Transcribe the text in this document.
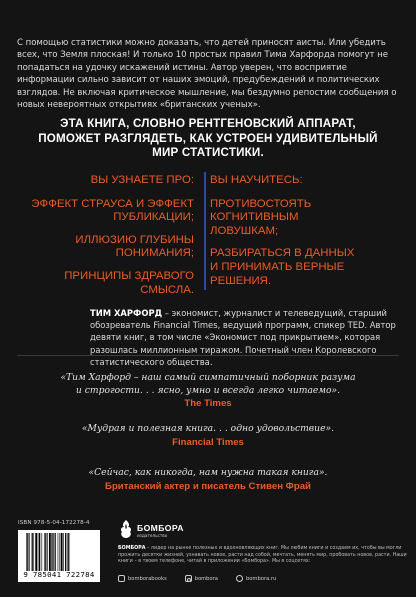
С помощью статистики можно доказать, что детей приносят аисты. Или убедить всех, что Земля плоская! И только 10 простых правил Тима Харфорда помогут не попадаться на удочку искажений истины. Автор уверен, что восприятие информации сильно зависит от наших эмоций, предубеждений и политических взглядов. Не включая критическое мышление, мы бездумно репостим сообщения о новых невероятных открытиях «британских ученых».
ЭТА КНИГА, СЛОВНО РЕНТГЕНОВСКИЙ АППАРАТ,
ПОМОЖЕТ РАЗГЛЯДЕТЬ, КАК УСТРОЕН УДИВИТЕЛЬНЫЙ
МИР СТАТИСТИКИ.
ВЫ УЗНАЕТЕ ПРО:
ЭФФЕКТ СТРАУСА И ЭФФЕКТ
ПУБЛИКАЦИИ;
ИЛЛЮЗИЮ ГЛУБИНЫ
ПОНИМАНИЯ;
ПРИНЦИПЫ ЗДРАВОГО СМЫСЛА.
ВЫ НАУЧИТЕСЬ:
ПРОТИВОСТОЯТЬ КОГНИТИВНЫМ
ЛОВУШКАМ;
РАЗБИРАТЬСЯ В ДАННЫХ
И ПРИНИМАТЬ ВЕРНЫЕ
РЕШЕНИЯ.
ТИМ ХАРФОРД – экономист, журналист и телеведущий, старший обозреватель Financial Times, ведущий программ, спикер TED. Автор девяти книг, в том числе «Экономист под прикрытием», которая разошлась миллионным тиражом. Почетный член Королевского статистического общества.
«Тим Харфорд – наш самый симпатичный поборник разума
и строгости. . . ясно, умно и всегда легко читаемо».
The Times
«Мудрая и полезная книга. . . одно удовольствие».
Financial Times
«Сейчас, как никогда, нам нужна такая книга».
Британский актер и писатель Стивен Фрай
ISBN 978-5-04-172278-4
9 785041 722784
БОМБОРА
издательство
БОМБОРА – лидер на рынке полезных и вдохновляющих книг. Мы любим книги и создаем их, чтобы вы могли прожить десятки жизней, узнавать новое, расти над собой, мечтать, менять мир, пробовать новое, расти. Наши книги – в твоем телефоне, читай в приложении «Бомбора». Мы в соцсетях:
bomborabooks	bombora	bombora.ru
